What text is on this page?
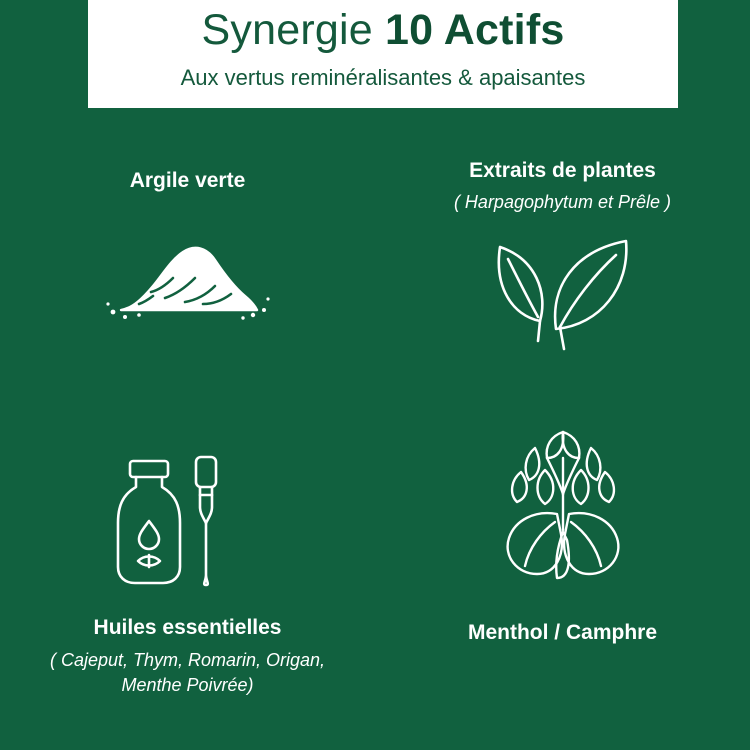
Synergie 10 Actifs

Aux vertus reminéralisantes & apaisantes

Argile verte	Extraits de plantes

( Harpagophytum et Prêle )

Huiles essentielles

( Cajeput, Thym, Romarin, Origan, Menthe Poivrée)

Menthol / Camphre
